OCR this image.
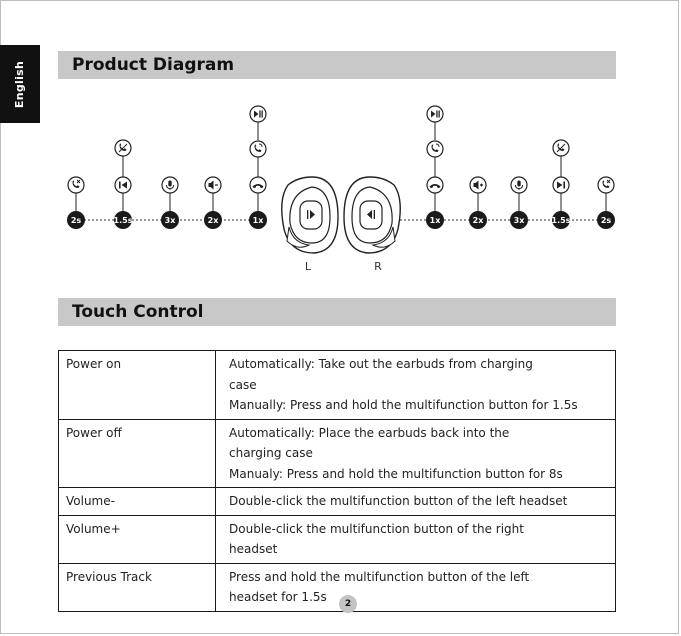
English	Product Diagram
2s	1.5s	3x	2x	1x
L	R
1x	2x	3x	1.5s	2s
Touch Control
Power on	Automatically: Take out the earbuds from charging
case
Manually: Press and hold the multifunction button for 1.5s

Power off	Automatically: Place the earbuds back into the
charging case
Manualy: Press and hold the multifunction button for 8s

Volume-	Double-click the multifunction button of the left headset

Volume+	Double-click the multifunction button of the right
headset

Previous Track	Press and hold the multifunction button of the left
headset for 1.5s	2
